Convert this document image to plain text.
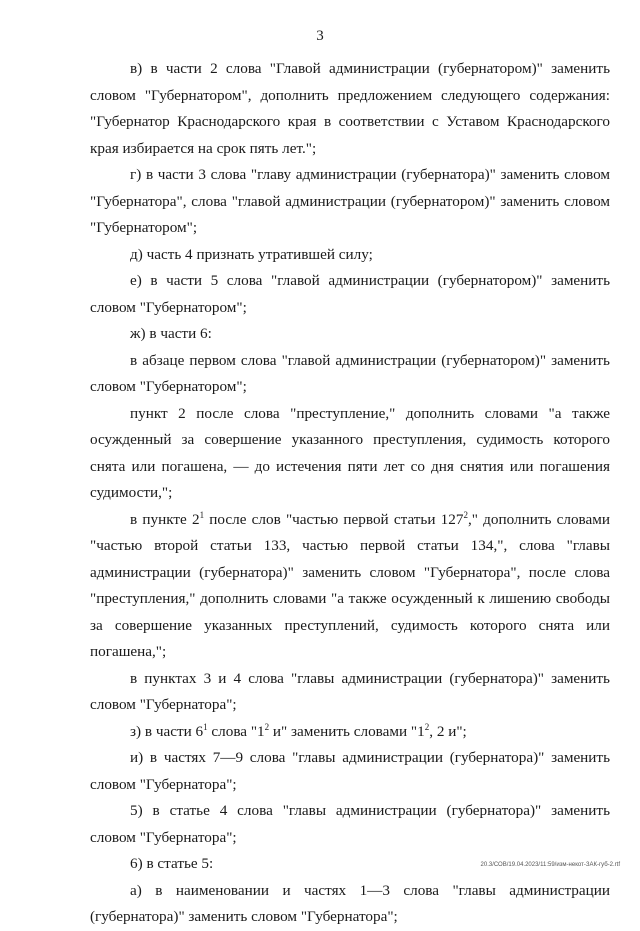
3

в) в части 2 слова "Главой администрации (губернатором)" заменить словом "Губернатором", дополнить предложением следующего содержания: "Губернатор Краснодарского края в соответствии с Уставом Краснодарского края избирается на срок пять лет.";

г) в части 3 слова "главу администрации (губернатора)" заменить словом "Губернатора", слова "главой администрации (губернатором)" заменить словом "Губернатором";

д) часть 4 признать утратившей силу;

е) в части 5 слова "главой администрации (губернатором)" заменить словом "Губернатором";

ж) в части 6:

в абзаце первом слова "главой администрации (губернатором)" заменить словом "Губернатором";

пункт 2 после слова "преступление," дополнить словами "а также осужденный за совершение указанного преступления, судимость которого снята или погашена, — до истечения пяти лет со дня снятия или погашения судимости,";

в пункте $2^1$ после слов "частью первой статьи $127^2$," дополнить словами "частью второй статьи 133, частью первой статьи 134,", слова "главы администрации (губернатора)" заменить словом "Губернатора", после слова "преступления," дополнить словами "а также осужденный к лишению свободы за совершение указанных преступлений, судимость которого снята или погашена,";

в пунктах 3 и 4 слова "главы администрации (губернатора)" заменить словом "Губернатора";

з) в части $6^1$ слова "$1^2$ и" заменить словами "$1^2$, 2 и";

и) в частях 7—9 слова "главы администрации (губернатора)" заменить словом "Губернатора";

5) в статье 4 слова "главы администрации (губернатора)" заменить словом "Губернатора";

6) в статье 5:

а) в наименовании и частях 1—3 слова "главы администрации (губернатора)" заменить словом "Губернатора";

20.3/СОВ/19.04.2023/11:59/изм-некот-ЗАК-губ-2.rtf
